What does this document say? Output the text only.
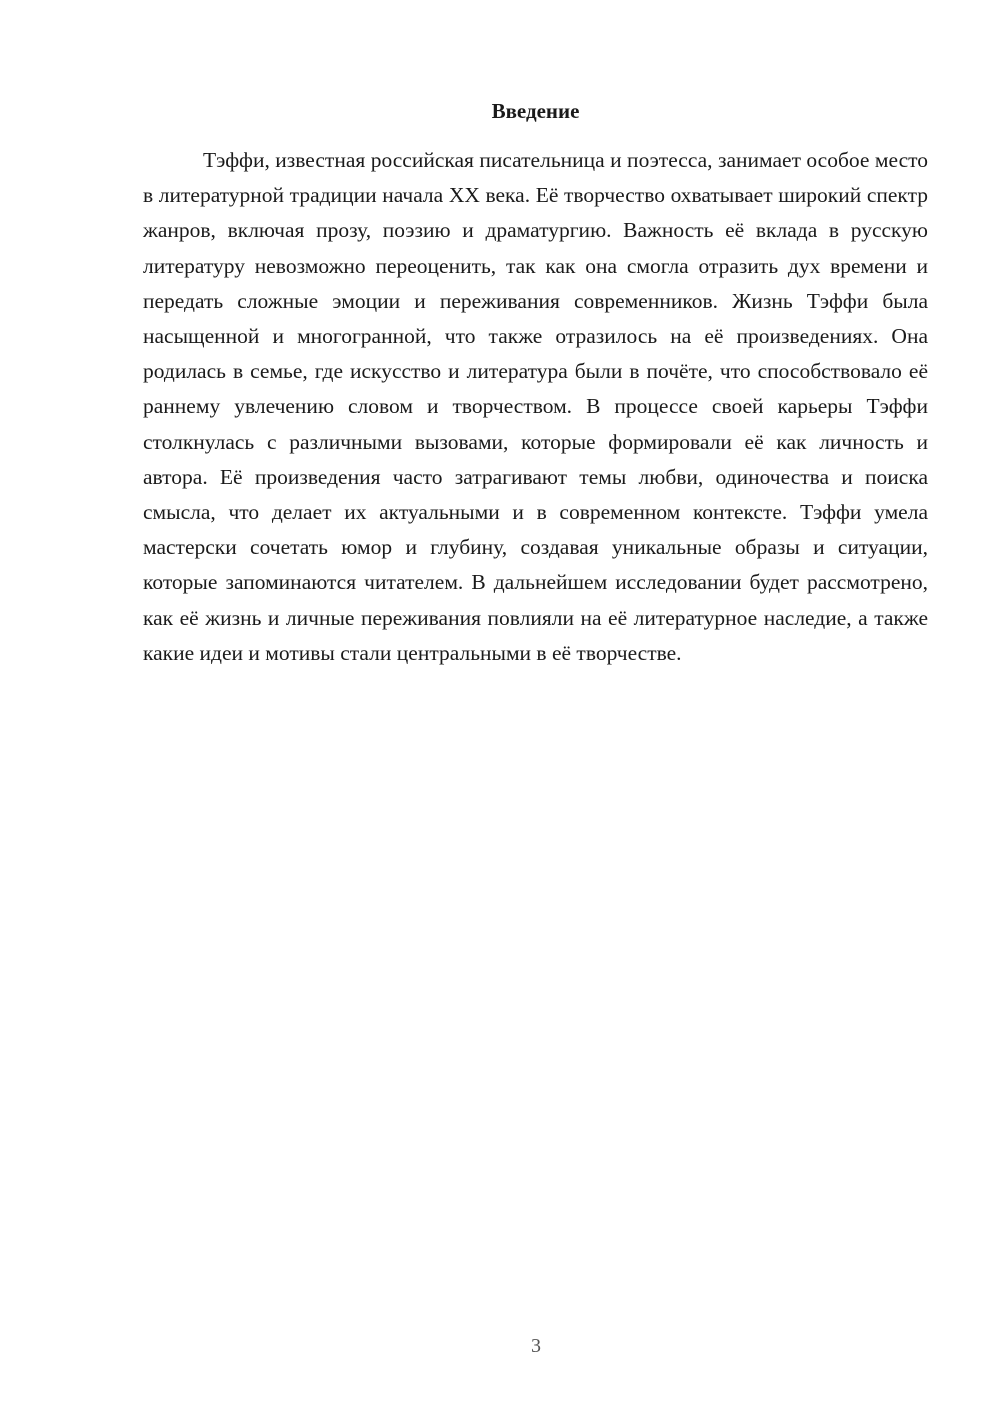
Введение

Тэффи, известная российская писательница и поэтесса, занимает особое место в литературной традиции начала XX века. Её творчество охватывает широкий спектр жанров, включая прозу, поэзию и драматургию. Важность её вклада в русскую литературу невозможно переоценить, так как она смогла отразить дух времени и передать сложные эмоции и переживания современников. Жизнь Тэффи была насыщенной и многогранной, что также отразилось на её произведениях. Она родилась в семье, где искусство и литература были в почёте, что способствовало её раннему увлечению словом и творчеством. В процессе своей карьеры Тэффи столкнулась с различными вызовами, которые формировали её как личность и автора. Её произведения часто затрагивают темы любви, одиночества и поиска смысла, что делает их актуальными и в современном контексте. Тэффи умела мастерски сочетать юмор и глубину, создавая уникальные образы и ситуации, которые запоминаются читателем. В дальнейшем исследовании будет рассмотрено, как её жизнь и личные переживания повлияли на её литературное наследие, а также какие идеи и мотивы стали центральными в её творчестве.

3
